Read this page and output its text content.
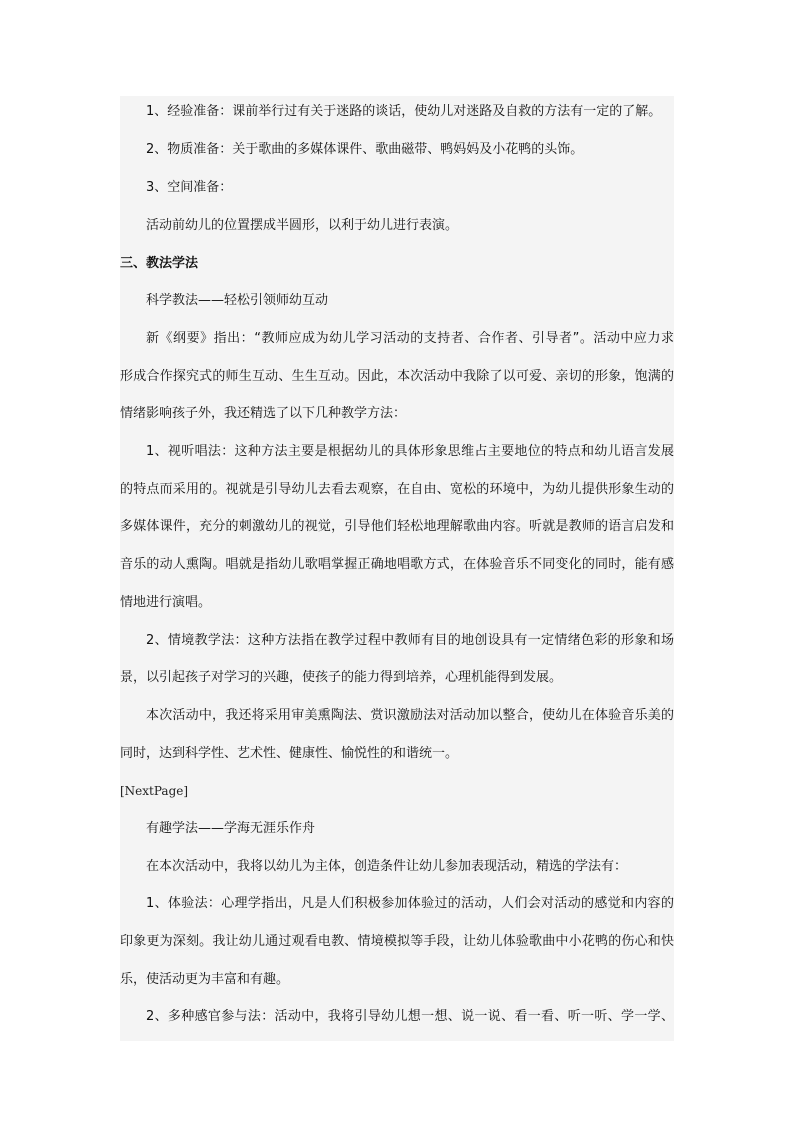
1、经验准备：课前举行过有关于迷路的谈话，使幼儿对迷路及自救的方法有一定的了解。
2、物质准备：关于歌曲的多媒体课件、歌曲磁带、鸭妈妈及小花鸭的头饰。
3、空间准备：
活动前幼儿的位置摆成半圆形，以利于幼儿进行表演。
三、教法学法
科学教法——轻松引领师幼互动
新《纲要》指出：“教师应成为幼儿学习活动的支持者、合作者、引导者”。活动中应力求
形成合作探究式的师生互动、生生互动。因此，本次活动中我除了以可爱、亲切的形象，饱满的
情绪影响孩子外，我还精选了以下几种教学方法：
1、视听唱法：这种方法主要是根据幼儿的具体形象思维占主要地位的特点和幼儿语言发展
的特点而采用的。视就是引导幼儿去看去观察，在自由、宽松的环境中，为幼儿提供形象生动的
多媒体课件，充分的刺激幼儿的视觉，引导他们轻松地理解歌曲内容。听就是教师的语言启发和
音乐的动人熏陶。唱就是指幼儿歌唱掌握正确地唱歌方式，在体验音乐不同变化的同时，能有感
情地进行演唱。
2、情境教学法：这种方法指在教学过程中教师有目的地创设具有一定情绪色彩的形象和场
景，以引起孩子对学习的兴趣，使孩子的能力得到培养，心理机能得到发展。
本次活动中，我还将采用审美熏陶法、赏识激励法对活动加以整合，使幼儿在体验音乐美的
同时，达到科学性、艺术性、健康性、愉悦性的和谐统一。
[NextPage]
有趣学法——学海无涯乐作舟
在本次活动中，我将以幼儿为主体，创造条件让幼儿参加表现活动，精选的学法有：
1、体验法：心理学指出，凡是人们积极参加体验过的活动，人们会对活动的感觉和内容的
印象更为深刻。我让幼儿通过观看电教、情境模拟等手段，让幼儿体验歌曲中小花鸭的伤心和快
乐，使活动更为丰富和有趣。
2、多种感官参与法：活动中，我将引导幼儿想一想、说一说、看一看、听一听、学一学、
